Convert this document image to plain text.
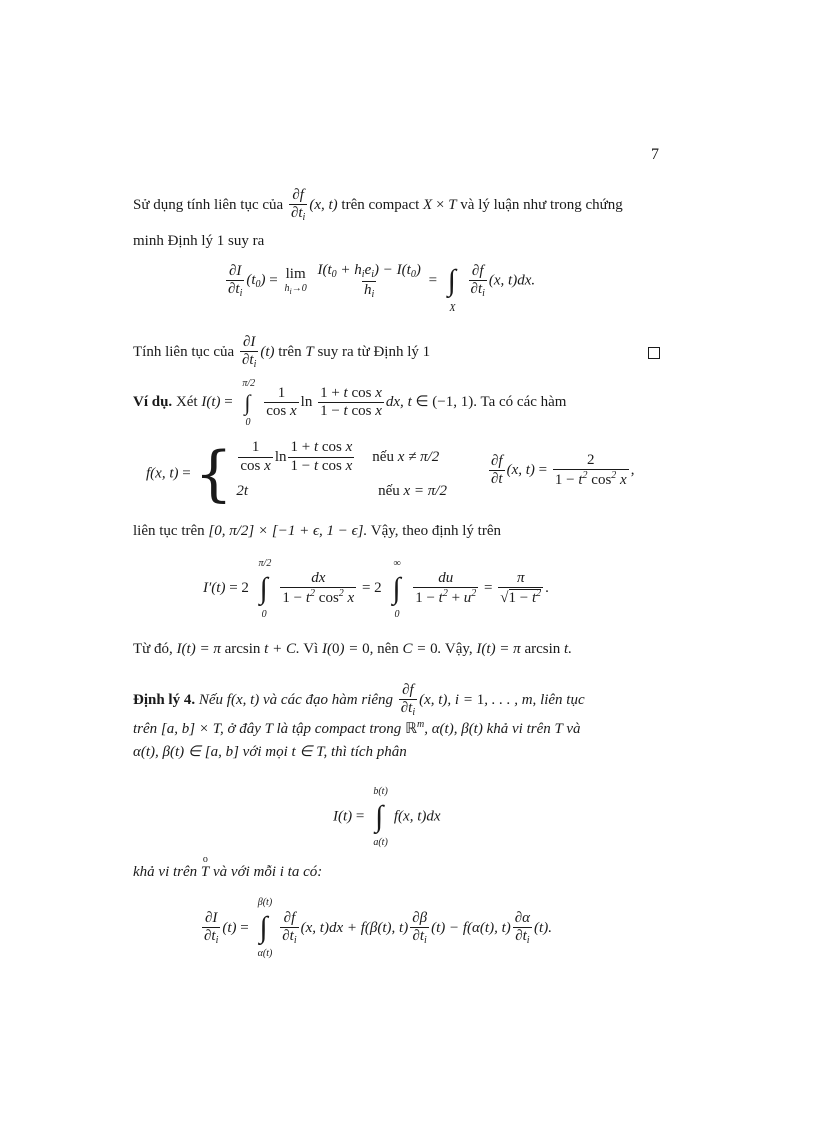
7
Sử dụng tính liên tục của $\frac{\partial f}{\partial t_i} (x$, t) trên compact X × T và lý luận như trong chứng
minh Định lý 1 suy ra
$\frac{\partial I}{\partial t_i} (t_0) = \lim$
$h_i\to 0$

$I(t_0 + h_ie_i) - I(t_0)$
$h_i$
= ∫
X

$\frac{\partial f}{\partial t_i} (x$, t)dx.
Tính liên tục của $\frac{\partial I}{\partial t_i} (t)$ trên T suy ra từ Định lý 1
Ví dụ. Xét I(t) = ∫
π/2
0

$\frac{1}{\text{cos x}}$ $\ln \frac{\text{1 + t cos x}}{\text{1 − t cos x}}$ dx, t ∈ (−1, 1). Ta có các hàm
f(x, t) = { 1
cos x
ln
1 + t cos x
1 − t cos x
nếu
x ≠ π/2
2t	nếu
x = π/2
$\frac{\partial f}{\partial t} (x$, $t) = \frac{2}{1 - t^2 \cos^2 x}$ ,
liên tục trên [0, π/2] × [−1 + ϵ, 1 − ϵ]. Vậy, theo định lý trên
I′(t) = 2 ∫
π/2
0

$\frac{dx}{1 - t^2 \cos^2 x} = 2$ ∫
∞
0

$\frac{du}{1 - t^2 + u^2} = \frac{\pi}{√1 - t^2}$ .
Từ đó, I(t) = π arcsin t + C. Vì I(0) = 0, nên C = 0. Vậy, I(t) = π arcsin t.
Định lý 4. Nếu f(x, t) và các đạo hàm riêng $\frac{\partial f}{\partial t_i} (x$, t), i = 1, . . . , m, liên tục
trên [a, b] × T, ở đây T là tập compact trong ℝ$^m$, α(t), β(t) khả vi trên T và
α(t), β(t) ∈ [a, b] với mọi t ∈ T, thì tích phân
I(t) = ∫
b(t)
a(t)
f(x, t)dx
khả vi trên o T và với mỗi i ta có:
$\frac{\partial I}{\partial t_i} (t)$ = ∫
β(t)
α(t)

$\frac{\partial f}{\partial t_i} (x$, t)dx + f(β(t), $t) \frac{\partial\beta}{\partial t_i} (t) - f(\alpha(t)$, $t) \frac{\partial\alpha}{\partial t_i} (t)$.
